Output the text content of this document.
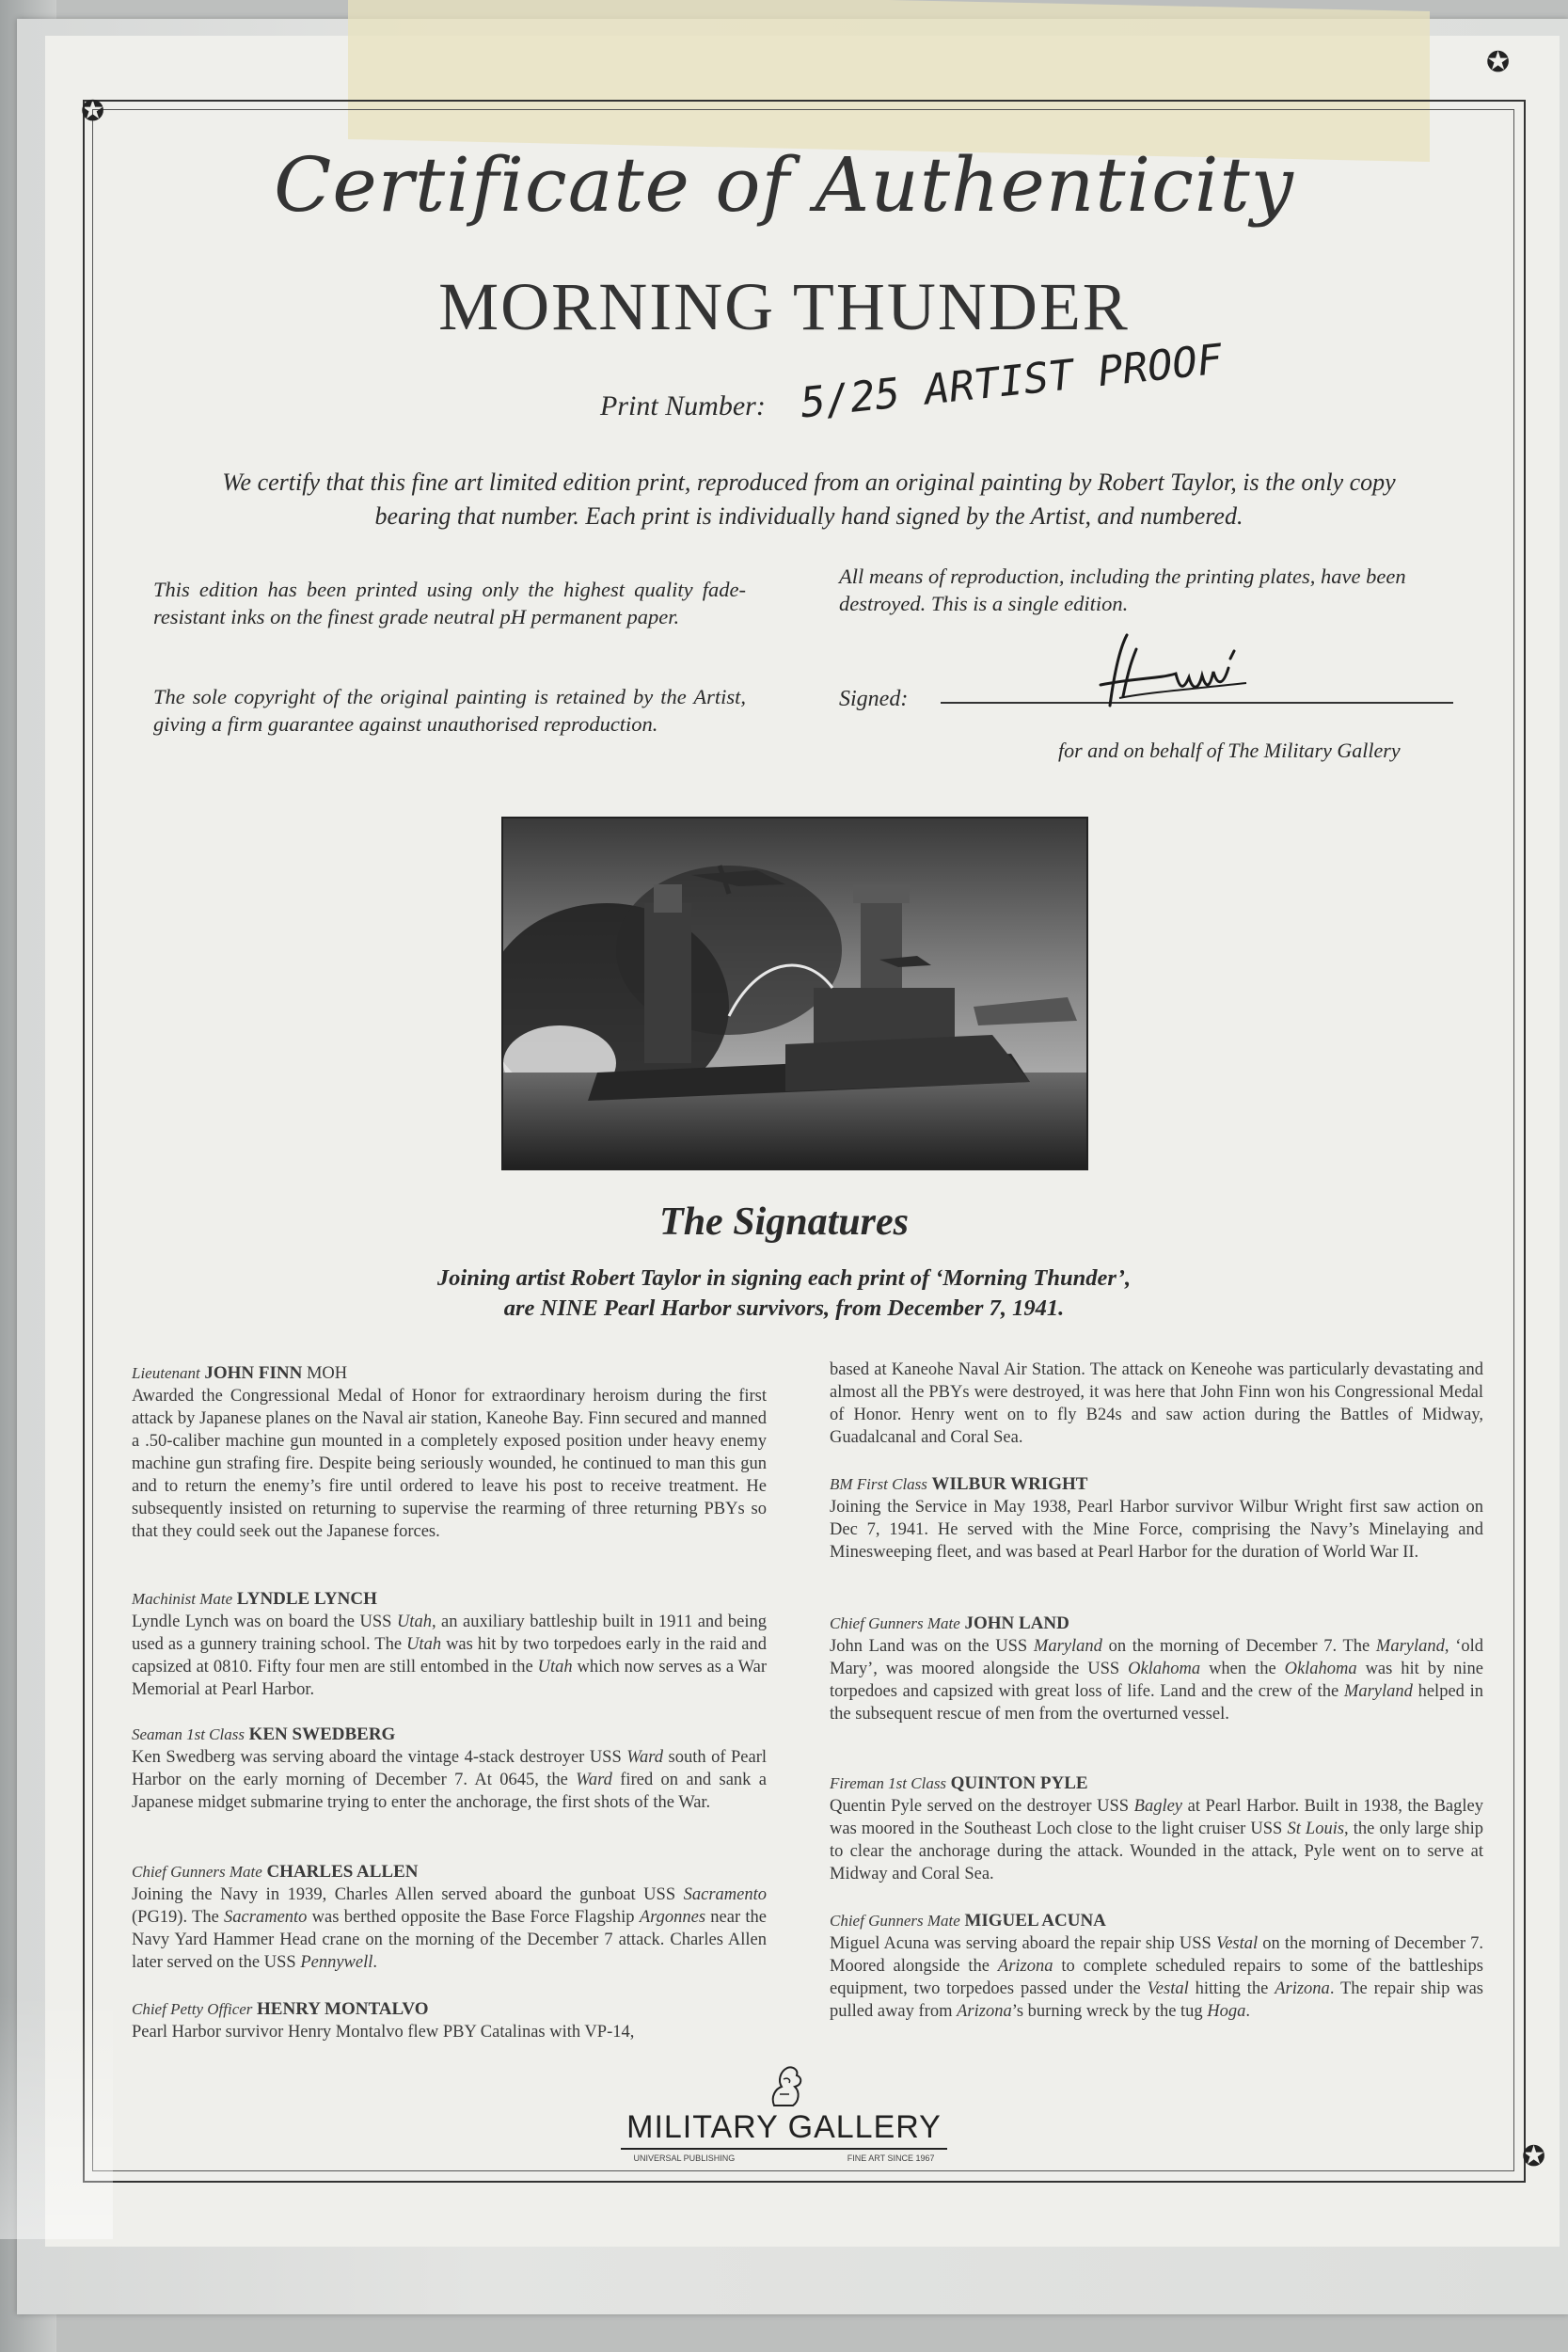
✪
✪
✪
Certificate of Authenticity
MORNING THUNDER
Print Number: 5/25 ARTIST PROOF
We certify that this fine art limited edition print, reproduced from an original painting by Robert Taylor, is the only copy bearing that number. Each print is individually hand signed by the Artist, and numbered.
This edition has been printed using only the highest quality fade-resistant inks on the finest grade neutral pH permanent paper.
The sole copyright of the original painting is retained by the Artist, giving a firm guarantee against unauthorised reproduction.
All means of reproduction, including the printing plates, have been destroyed. This is a single edition.
Signed:
for and on behalf of The Military Gallery
The Signatures
Joining artist Robert Taylor in signing each print of ‘Morning Thunder’,
are NINE Pearl Harbor survivors, from December 7, 1941.
Lieutenant JOHN FINN MOH
Awarded the Congressional Medal of Honor for extraordinary heroism during the first attack by Japanese planes on the Naval air station, Kaneohe Bay. Finn secured and manned a .50-caliber machine gun mounted in a completely exposed position under heavy enemy machine gun strafing fire. Despite being seriously wounded, he continued to man this gun and to return the enemy’s fire until ordered to leave his post to receive treatment. He subsequently insisted on returning to supervise the rearming of three returning PBYs so that they could seek out the Japanese forces.
Machinist Mate LYNDLE LYNCH
Lyndle Lynch was on board the USS Utah, an auxiliary battleship built in 1911 and being used as a gunnery training school. The Utah was hit by two torpedoes early in the raid and capsized at 0810. Fifty four men are still entombed in the Utah which now serves as a War Memorial at Pearl Harbor.
Seaman 1st Class KEN SWEDBERG
Ken Swedberg was serving aboard the vintage 4-stack destroyer USS Ward south of Pearl Harbor on the early morning of December 7. At 0645, the Ward fired on and sank a Japanese midget submarine trying to enter the anchorage, the first shots of the War.
Chief Gunners Mate CHARLES ALLEN
Joining the Navy in 1939, Charles Allen served aboard the gunboat USS Sacramento (PG19). The Sacramento was berthed opposite the Base Force Flagship Argonnes near the Navy Yard Hammer Head crane on the morning of the December 7 attack. Charles Allen later served on the USS Pennywell.
Chief Petty Officer HENRY MONTALVO
Pearl Harbor survivor Henry Montalvo flew PBY Catalinas with VP-14,
based at Kaneohe Naval Air Station. The attack on Keneohe was particularly devastating and almost all the PBYs were destroyed, it was here that John Finn won his Congressional Medal of Honor. Henry went on to fly B24s and saw action during the Battles of Midway, Guadalcanal and Coral Sea.
BM First Class WILBUR WRIGHT
Joining the Service in May 1938, Pearl Harbor survivor Wilbur Wright first saw action on Dec 7, 1941. He served with the Mine Force, comprising the Navy’s Minelaying and Minesweeping fleet, and was based at Pearl Harbor for the duration of World War II.
Chief Gunners Mate JOHN LAND
John Land was on the USS Maryland on the morning of December 7. The Maryland, ‘old Mary’, was moored alongside the USS Oklahoma when the Oklahoma was hit by nine torpedoes and capsized with great loss of life. Land and the crew of the Maryland helped in the subsequent rescue of men from the overturned vessel.
Fireman 1st Class QUINTON PYLE
Quentin Pyle served on the destroyer USS Bagley at Pearl Harbor. Built in 1938, the Bagley was moored in the Southeast Loch close to the light cruiser USS St Louis, the only large ship to clear the anchorage during the attack. Wounded in the attack, Pyle went on to serve at Midway and Coral Sea.
Chief Gunners Mate MIGUEL ACUNA
Miguel Acuna was serving aboard the repair ship USS Vestal on the morning of December 7. Moored alongside the Arizona to complete scheduled repairs to some of the battleships equipment, two torpedoes passed under the Vestal hitting the Arizona. The repair ship was pulled away from Arizona’s burning wreck by the tug Hoga.
MILITARY GALLERY
UNIVERSAL PUBLISHING	FINE ART SINCE 1967
